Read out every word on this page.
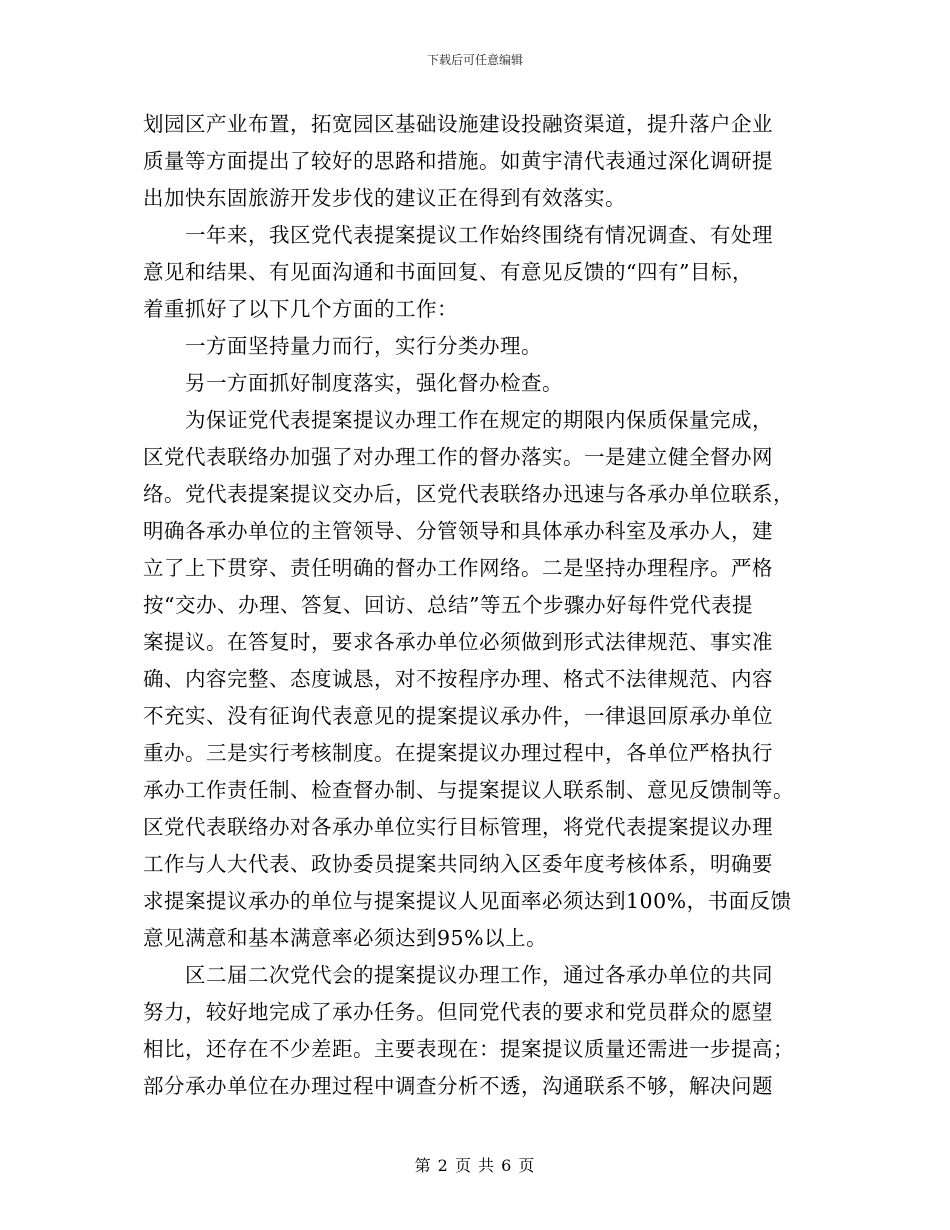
下载后可任意编辑
划园区产业布置，拓宽园区基础设施建设投融资渠道，提升落户企业
质量等方面提出了较好的思路和措施。如黄宇清代表通过深化调研提
出加快东固旅游开发步伐的建议正在得到有效落实。
一年来，我区党代表提案提议工作始终围绕有情况调查、有处理
意见和结果、有见面沟通和书面回复、有意见反馈的“四有”目标，
着重抓好了以下几个方面的工作：
一方面坚持量力而行，实行分类办理。
另一方面抓好制度落实，强化督办检查。
为保证党代表提案提议办理工作在规定的期限内保质保量完成，
区党代表联络办加强了对办理工作的督办落实。一是建立健全督办网
络。党代表提案提议交办后，区党代表联络办迅速与各承办单位联系，
明确各承办单位的主管领导、分管领导和具体承办科室及承办人，建
立了上下贯穿、责任明确的督办工作网络。二是坚持办理程序。严格
按“交办、办理、答复、回访、总结”等五个步骤办好每件党代表提
案提议。在答复时，要求各承办单位必须做到形式法律规范、事实准
确、内容完整、态度诚恳，对不按程序办理、格式不法律规范、内容
不充实、没有征询代表意见的提案提议承办件，一律退回原承办单位
重办。三是实行考核制度。在提案提议办理过程中，各单位严格执行
承办工作责任制、检查督办制、与提案提议人联系制、意见反馈制等。
区党代表联络办对各承办单位实行目标管理，将党代表提案提议办理
工作与人大代表、政协委员提案共同纳入区委年度考核体系，明确要
求提案提议承办的单位与提案提议人见面率必须达到100%，书面反馈
意见满意和基本满意率必须达到95%以上。
区二届二次党代会的提案提议办理工作，通过各承办单位的共同
努力，较好地完成了承办任务。但同党代表的要求和党员群众的愿望
相比，还存在不少差距。主要表现在：提案提议质量还需进一步提高；
部分承办单位在办理过程中调查分析不透，沟通联系不够，解决问题
第 2 页 共 6 页
